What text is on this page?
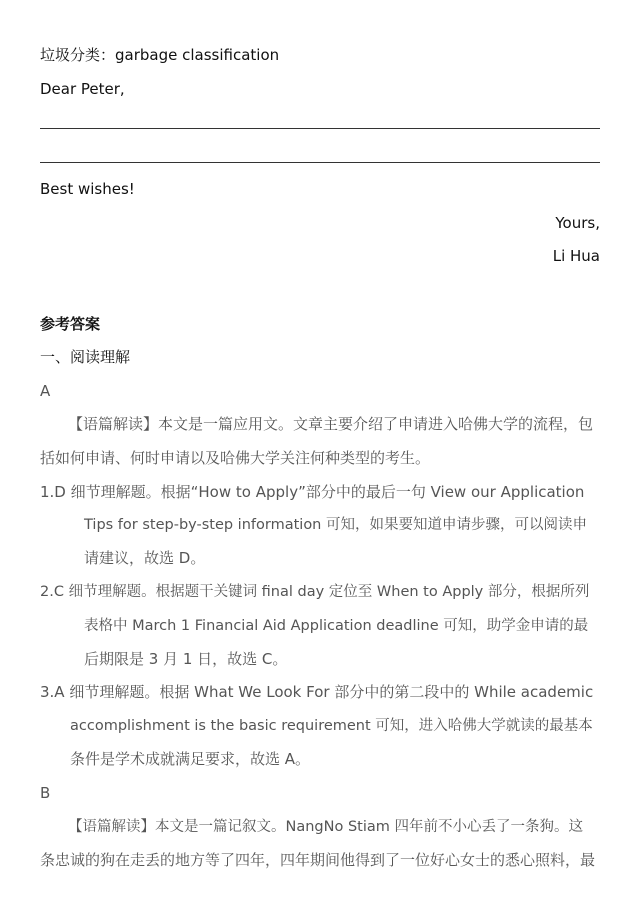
垃圾分类：garbage classification
Dear Peter,
Best wishes!
Yours,
Li Hua
参考答案
一、阅读理解
A
【语篇解读】本文是一篇应用文。文章主要介绍了申请进入哈佛大学的流程，包
括如何申请、何时申请以及哈佛大学关注何种类型的考生。
1.D 细节理解题。根据“How to Apply”部分中的最后一句 View our Application
Tips for step-by-step information 可知，如果要知道申请步骤，可以阅读申
请建议，故选 D。
2.C 细节理解题。根据题干关键词 final day 定位至 When to Apply 部分，根据所列
表格中 March 1 Financial Aid Application deadline 可知，助学金申请的最
后期限是 3 月 1 日，故选 C。
3.A 细节理解题。根据 What We Look For 部分中的第二段中的 While academic
accomplishment is the basic requirement 可知，进入哈佛大学就读的最基本
条件是学术成就满足要求，故选 A。
B
【语篇解读】本文是一篇记叙文。NangNo Stiam 四年前不小心丢了一条狗。这
条忠诚的狗在走丢的地方等了四年，四年期间他得到了一位好心女士的悉心照料，最
